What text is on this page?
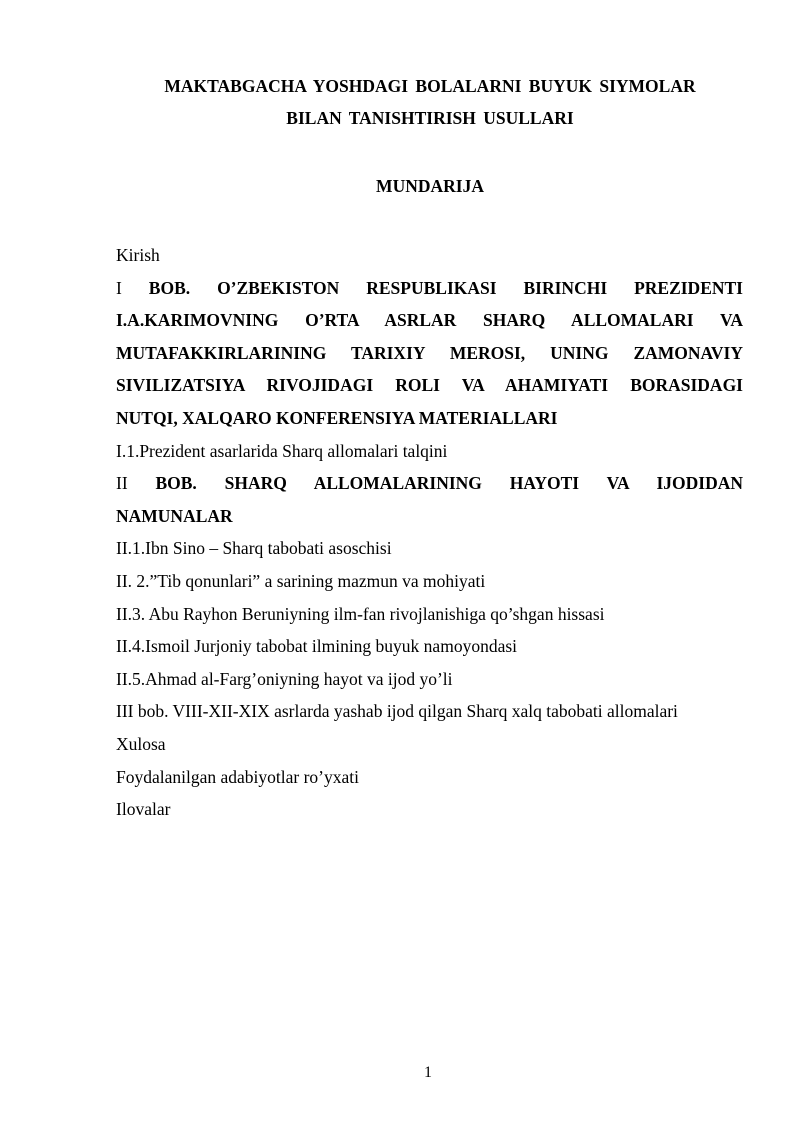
MAKTABGACHA YOSHDAGI BOLALARNI BUYUK SIYMOLAR
BILAN TANISHTIRISH USULLARI
MUNDARIJA
Kirish
I BOB. O’ZBEKISTON RESPUBLIKASI BIRINCHI PREZIDENTI
I.A.KARIMOVNING O’RTA ASRLAR SHARQ ALLOMALARI VA
MUTAFAKKIRLARINING TARIXIY MEROSI, UNING ZAMONAVIY
SIVILIZATSIYA RIVOJIDAGI ROLI VA AHAMIYATI BORASIDAGI
NUTQI, XALQARO KONFERENSIYA MATERIALLARI
I.1.Prezident asarlarida Sharq allomalari talqini
II BOB. SHARQ ALLOMALARINING HAYOTI VA IJODIDAN
NAMUNALAR
II.1.Ibn Sino – Sharq tabobati asoschisi
II. 2.”Tib qonunlari” a sarining mazmun va mohiyati
II.3. Abu Rayhon Beruniyning ilm-fan rivojlanishiga qo’shgan hissasi
II.4.Ismoil Jurjoniy tabobat ilmining buyuk namoyondasi
II.5.Ahmad al-Farg’oniyning hayot va ijod yo’li
III bob. VIII-XII-XIX asrlarda yashab ijod qilgan Sharq xalq tabobati allomalari
Xulosa
Foydalanilgan adabiyotlar ro’yxati
Ilovalar
1
